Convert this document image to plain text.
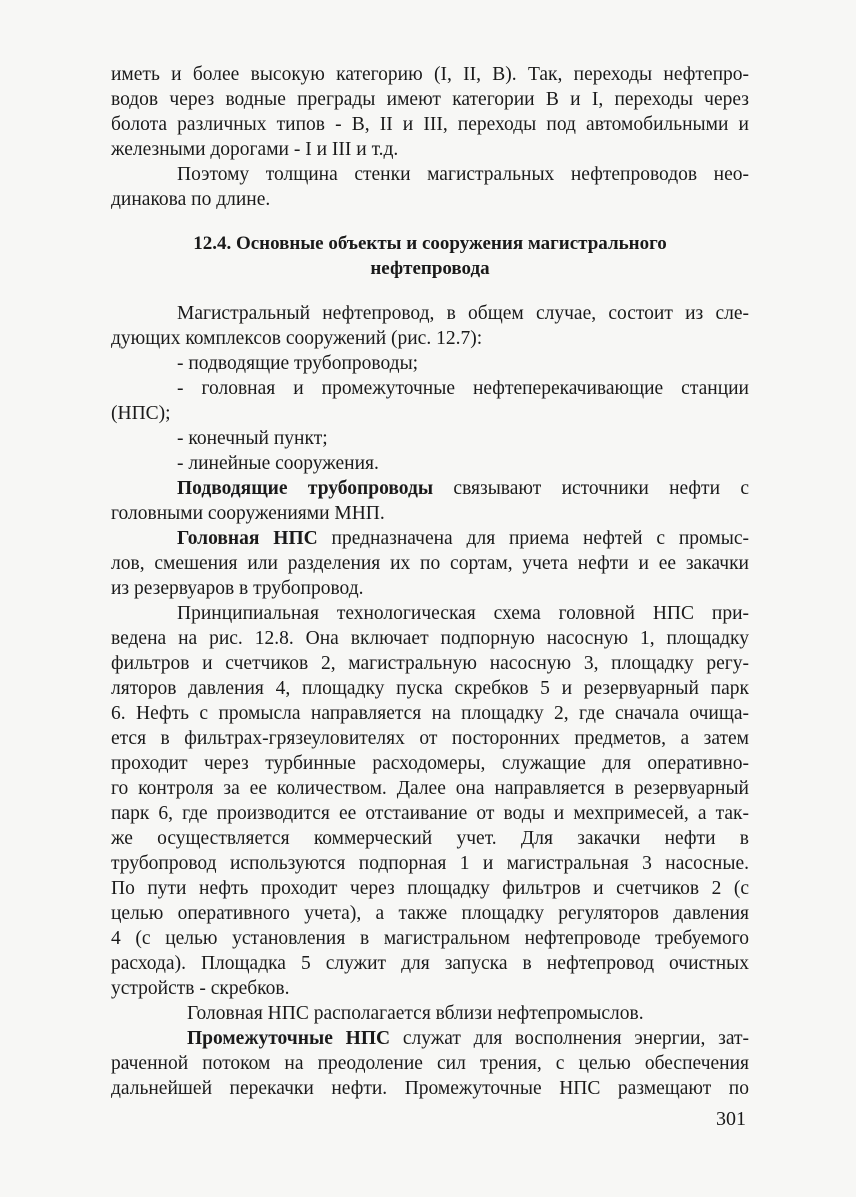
иметь и более высокую категорию (I, II, В). Так, переходы нефтепро-
водов через водные преграды имеют категории В и I, переходы через
болота различных типов - В, II и III, переходы под автомобильными и
железными дорогами - I и III и т.д.
Поэтому толщина стенки магистральных нефтепроводов нео-
динакова по длине.
12.4. Основные объекты и сооружения магистрального
нефтепровода
Магистральный нефтепровод, в общем случае, состоит из сле-
дующих комплексов сооружений (рис. 12.7):
- подводящие трубопроводы;
- головная и промежуточные нефтеперекачивающие станции
(НПС);
- конечный пункт;
- линейные сооружения.
Подводящие трубопроводы связывают источники нефти с
головными сооружениями МНП.
Головная НПС предназначена для приема нефтей с промыс-
лов, смешения или разделения их по сортам, учета нефти и ее закачки
из резервуаров в трубопровод.
Принципиальная технологическая схема головной НПС при-
ведена на рис. 12.8. Она включает подпорную насосную 1, площадку
фильтров и счетчиков 2, магистральную насосную 3, площадку регу-
ляторов давления 4, площадку пуска скребков 5 и резервуарный парк
6. Нефть с промысла направляется на площадку 2, где сначала очища-
ется в фильтрах-грязеуловителях от посторонних предметов, а затем
проходит через турбинные расходомеры, служащие для оперативно-
го контроля за ее количеством. Далее она направляется в резервуарный
парк 6, где производится ее отстаивание от воды и мехпримесей, а так-
же осуществляется коммерческий учет. Для закачки нефти в
трубопровод используются подпорная 1 и магистральная 3 насосные.
По пути нефть проходит через площадку фильтров и счетчиков 2 (с
целью оперативного учета), а также площадку регуляторов давления
4 (с целью установления в магистральном нефтепроводе требуемого
расхода). Площадка 5 служит для запуска в нефтепровод очистных
устройств - скребков.
Головная НПС располагается вблизи нефтепромыслов.
Промежуточные НПС служат для восполнения энергии, зат-
раченной потоком на преодоление сил трения, с целью обеспечения
дальнейшей перекачки нефти. Промежуточные НПС размещают по
301
